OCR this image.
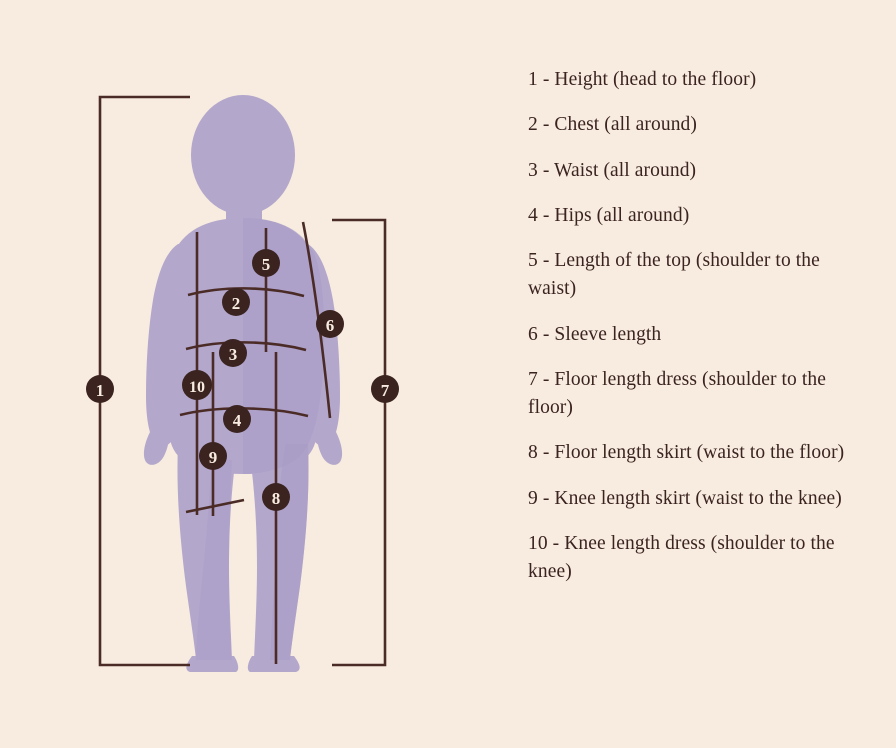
1
2
3
4
5
6
7
8
9
10
1 - Height (head to the floor)
2 - Chest (all around)
3 - Waist (all around)
4 - Hips (all around)
5 - Length of the top (shoulder to the waist)
6 - Sleeve length
7 - Floor length dress (shoulder to the floor)
8 - Floor length skirt (waist to the floor)
9 - Knee length skirt (waist to the knee)
10 - Knee length dress (shoulder to the knee)
